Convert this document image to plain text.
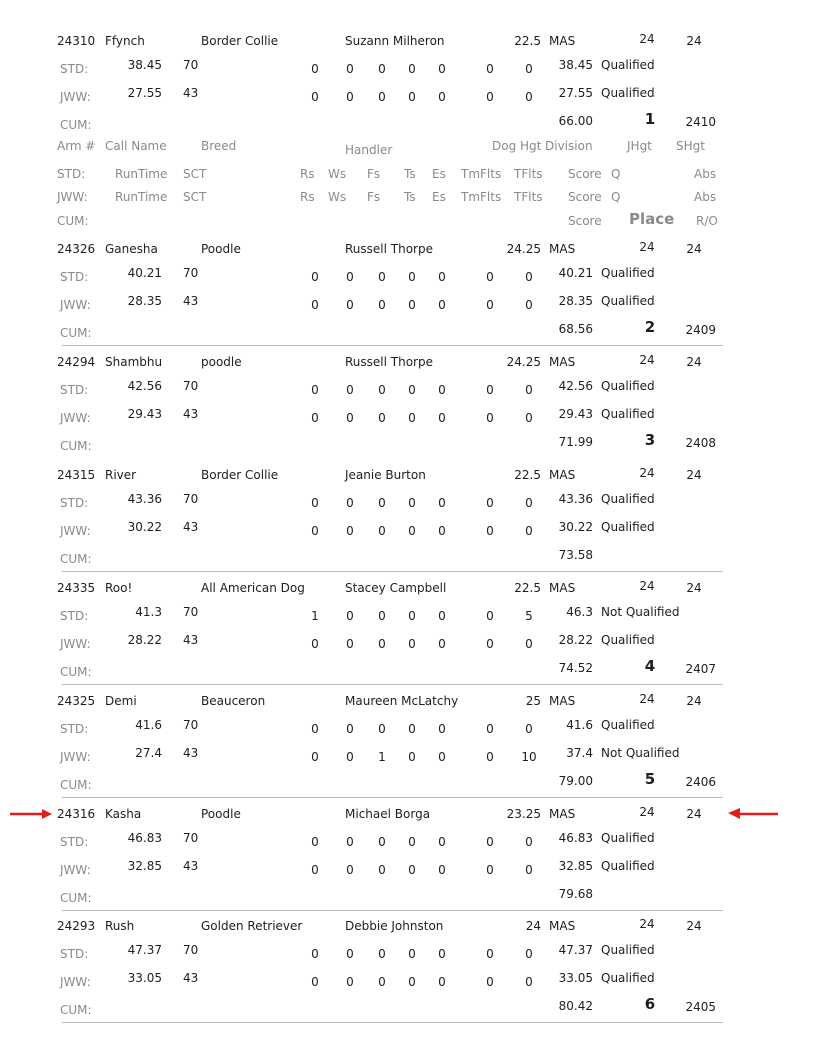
Arm # Call Name	Breed	Handler	Dog Hgt Division	JHgt SHgt
STD: RunTime SCT	Rs Ws Fs Ts Es TmFlts TFlts Score Q	Abs
JWW: RunTime SCT	Rs Ws Fs Ts Es TmFlts TFlts Score Q	Abs
CUM:	Score Place R/O
24310 Ffynch	Border Collie	Suzann Milheron	22.5 MAS	24	24
STD:	38.45 70	0	0	0	0	0	0	0	38.45 Qualified
JWW:	27.55 43	0	0	0	0	0	0	0	27.55 Qualified
CUM:	66.00	1	2410
24326 Ganesha	Poodle	Russell Thorpe	24.25 MAS	24	24
STD:	40.21 70	0	0	0	0	0	0	0	40.21 Qualified
JWW:	28.35 43	0	0	0	0	0	0	0	28.35 Qualified
CUM:	68.56	2	2409
24294 Shambhu	poodle	Russell Thorpe	24.25 MAS	24	24
STD:	42.56 70	0	0	0	0	0	0	0	42.56 Qualified
JWW:	29.43 43	0	0	0	0	0	0	0	29.43 Qualified
CUM:	71.99	3	2408
24315 River	Border Collie	Jeanie Burton	22.5 MAS	24	24
STD:	43.36 70	0	0	0	0	0	0	0	43.36 Qualified
JWW:	30.22 43	0	0	0	0	0	0	0	30.22 Qualified
CUM:	73.58
24335 Roo!	All American Dog	Stacey Campbell	22.5 MAS	24	24
STD:	41.3 70	1	0	0	0	0	0	5	46.3 Not Qualified
JWW:	28.22 43	0	0	0	0	0	0	0	28.22 Qualified
CUM:	74.52	4	2407
24325 Demi	Beauceron	Maureen McLatchy	25 MAS	24	24
STD:	41.6 70	0	0	0	0	0	0	0	41.6 Qualified
JWW:	27.4 43	0	0	1	0	0	0	10	37.4 Not Qualified
CUM:	79.00	5	2406
24316 Kasha	Poodle	Michael Borga	23.25 MAS	24	24
STD:	46.83 70	0	0	0	0	0	0	0	46.83 Qualified
JWW:	32.85 43	0	0	0	0	0	0	0	32.85 Qualified
CUM:	79.68
24293 Rush	Golden Retriever	Debbie Johnston	24 MAS	24	24
STD:	47.37 70	0	0	0	0	0	0	0	47.37 Qualified
JWW:	33.05 43	0	0	0	0	0	0	0	33.05 Qualified
CUM:	80.42	6	2405
